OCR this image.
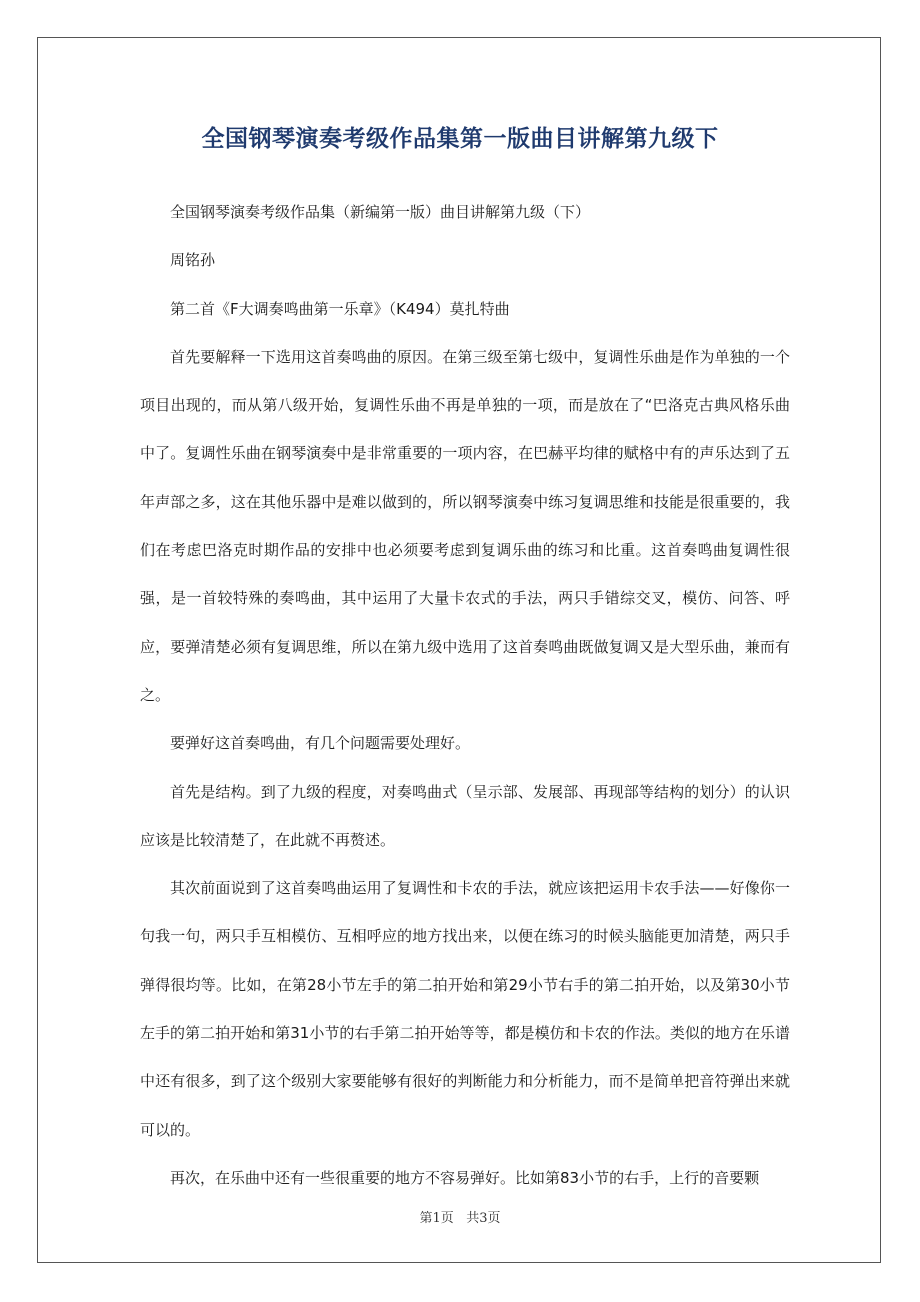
全国钢琴演奏考级作品集第一版曲目讲解第九级下

全国钢琴演奏考级作品集（新编第一版）曲目讲解第九级（下）

周铭孙

第二首《F大调奏鸣曲第一乐章》（K494）莫扎特曲

首先要解释一下选用这首奏鸣曲的原因。在第三级至第七级中，复调性乐曲是作为单独的一个项目出现的，而从第八级开始，复调性乐曲不再是单独的一项，而是放在了“巴洛克古典风格乐曲中了。复调性乐曲在钢琴演奏中是非常重要的一项内容，在巴赫平均律的赋格中有的声乐达到了五年声部之多，这在其他乐器中是难以做到的，所以钢琴演奏中练习复调思维和技能是很重要的，我们在考虑巴洛克时期作品的安排中也必须要考虑到复调乐曲的练习和比重。这首奏鸣曲复调性很强，是一首较特殊的奏鸣曲，其中运用了大量卡农式的手法，两只手错综交叉，模仿、问答、呼应，要弹清楚必须有复调思维，所以在第九级中选用了这首奏鸣曲既做复调又是大型乐曲，兼而有之。

要弹好这首奏鸣曲，有几个问题需要处理好。

首先是结构。到了九级的程度，对奏鸣曲式（呈示部、发展部、再现部等结构的划分）的认识应该是比较清楚了，在此就不再赘述。

其次前面说到了这首奏鸣曲运用了复调性和卡农的手法，就应该把运用卡农手法——好像你一句我一句，两只手互相模仿、互相呼应的地方找出来，以便在练习的时候头脑能更加清楚，两只手弹得很均等。比如，在第28小节左手的第二拍开始和第29小节右手的第二拍开始，以及第30小节左手的第二拍开始和第31小节的右手第二拍开始等等，都是模仿和卡农的作法。类似的地方在乐谱中还有很多，到了这个级别大家要能够有很好的判断能力和分析能力，而不是简单把音符弹出来就可以的。

再次，在乐曲中还有一些很重要的地方不容易弹好。比如第83小节的右手，上行的音要颗

第1页 共3页
